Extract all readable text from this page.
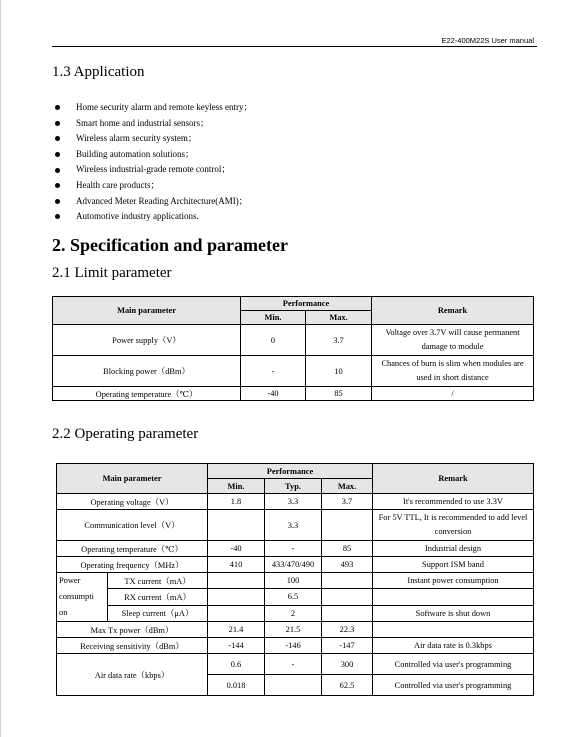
E22-400M22S User manual
1.3 Application
Home security alarm and remote keyless entry；
Smart home and industrial sensors；
Wireless alarm security system；
Building automation solutions；
Wireless industrial-grade remote control；
Health care products；
Advanced Meter Reading Architecture(AMI)；
Automotive industry applications.
2. Specification and parameter
2.1 Limit parameter
Main parameter	Performance		Remark
	Min.	Max.	
Power supply（V）	0	3.7	Voltage over 3.7V will cause permanent damage to module
Blocking power（dBm）	-	10	Chances of burn is slim when modules are used in short distance
Operating temperature（℃）	-40	85	/
2.2 Operating parameter
Main parameter		Performance			Remark
		Min.	Typ.	Max.	
Operating voltage（V）		1.8	3.3	3.7	It's recommended to use 3.3V
Communication level（V）			3.3		For 5V TTL, It is recommended to add level conversion
Operating temperature（℃）		-40	-	85	Industrial design
Operating frequency（MHz）		410	433/470/490	493	Support ISM band

Power
consumpti
on	TX current（mA）		100		Instant power consumption
	RX current（mA）		6.5		
	Sleep current（μA）		2		Software is shut down
Max Tx power（dBm）		21.4	21.5	22.3	
Receiving sensitivity（dBm）		-144	-146	-147	Air data rate is 0.3kbps
Air data rate（kbps）		0.6	-	300	Controlled via user's programming
		0.018		62.5	Controlled via user's programming
